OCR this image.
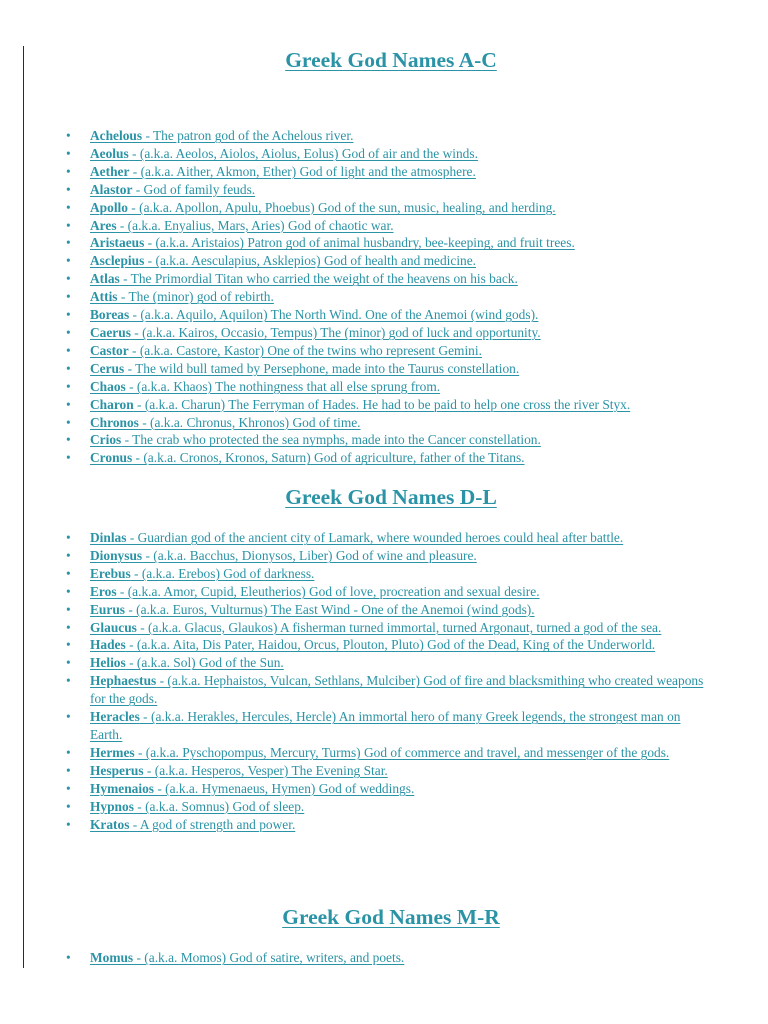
Greek God Names A-C
• Achelous - The patron god of the Achelous river.
• Aeolus - (a.k.a. Aeolos, Aiolos, Aiolus, Eolus) God of air and the winds.
• Aether - (a.k.a. Aither, Akmon, Ether) God of light and the atmosphere.
• Alastor - God of family feuds.
• Apollo - (a.k.a. Apollon, Apulu, Phoebus) God of the sun, music, healing, and herding.
• Ares - (a.k.a. Enyalius, Mars, Aries) God of chaotic war.
• Aristaeus - (a.k.a. Aristaios) Patron god of animal husbandry, bee-keeping, and fruit trees.
• Asclepius - (a.k.a. Aesculapius, Asklepios) God of health and medicine.
• Atlas - The Primordial Titan who carried the weight of the heavens on his back.
• Attis - The (minor) god of rebirth.
• Boreas - (a.k.a. Aquilo, Aquilon) The North Wind. One of the Anemoi (wind gods).
• Caerus - (a.k.a. Kairos, Occasio, Tempus) The (minor) god of luck and opportunity.
• Castor - (a.k.a. Castore, Kastor) One of the twins who represent Gemini.
• Cerus - The wild bull tamed by Persephone, made into the Taurus constellation.
• Chaos - (a.k.a. Khaos) The nothingness that all else sprung from.
• Charon - (a.k.a. Charun) The Ferryman of Hades. He had to be paid to help one cross the river Styx.
• Chronos - (a.k.a. Chronus, Khronos) God of time.
• Crios - The crab who protected the sea nymphs, made into the Cancer constellation.
• Cronus - (a.k.a. Cronos, Kronos, Saturn) God of agriculture, father of the Titans.
Greek God Names D-L
• Dinlas - Guardian god of the ancient city of Lamark, where wounded heroes could heal after battle.
• Dionysus - (a.k.a. Bacchus, Dionysos, Liber) God of wine and pleasure.
• Erebus - (a.k.a. Erebos) God of darkness.
• Eros - (a.k.a. Amor, Cupid, Eleutherios) God of love, procreation and sexual desire.
• Eurus - (a.k.a. Euros, Vulturnus) The East Wind - One of the Anemoi (wind gods).
• Glaucus - (a.k.a. Glacus, Glaukos) A fisherman turned immortal, turned Argonaut, turned a god of the sea.
• Hades - (a.k.a. Aita, Dis Pater, Haidou, Orcus, Plouton, Pluto) God of the Dead, King of the Underworld.
• Helios - (a.k.a. Sol) God of the Sun.
• Hephaestus - (a.k.a. Hephaistos, Vulcan, Sethlans, Mulciber) God of fire and blacksmithing who created weapons for the gods.
• Heracles - (a.k.a. Herakles, Hercules, Hercle) An immortal hero of many Greek legends, the strongest man on Earth.
• Hermes - (a.k.a. Pyschopompus, Mercury, Turms) God of commerce and travel, and messenger of the gods.
• Hesperus - (a.k.a. Hesperos, Vesper) The Evening Star.
• Hymenaios - (a.k.a. Hymenaeus, Hymen) God of weddings.
• Hypnos - (a.k.a. Somnus) God of sleep.
• Kratos - A god of strength and power.
Greek God Names M-R
• Momus - (a.k.a. Momos) God of satire, writers, and poets.
